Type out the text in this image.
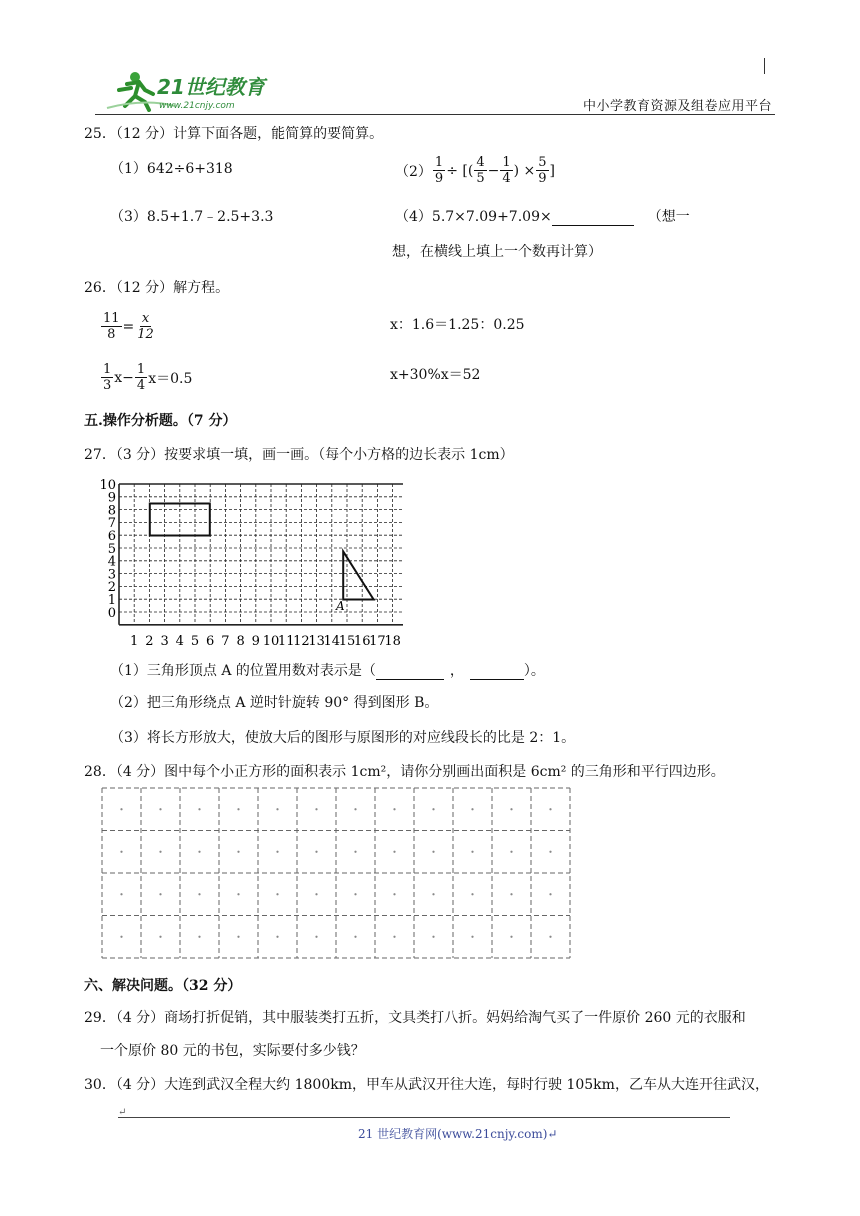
21世纪教育
www.21cnjy.com	中小学教育资源及组卷应用平台
25．（12 分）计算下面各题，能简算的要简算。
（1）642÷6+318	$(2) \frac{1}{9}$ ÷ [( $\frac{4}{5} - \frac{1}{4}$ ) × $\frac{5}{9}$ ]
（3）8.5+1.7﹣2.5+3.3	（4）5.7×7.09+7.09×	（想一
想，在横线上填上一个数再计算）
26．（12 分）解方程。
$\frac{11}{8} = \frac{x}{12}$	x：1.6＝1.25：0.25
$\frac{1}{3} x- \frac{1}{4} x=0.5$	x+30%x＝52
五.操作分析题。（7 分）
27．（3 分）按要求填一填，画一画。（每个小方格的边长表示 1cm）
A
0
1
2
3
4
5
6
7
8
9
10
1 2 3 4 5 6 7 8 9 10
11
12
13
14
15
16
17
18
（1）三角形顶点 A 的位置用数对表示是（	，	）。
（2）把三角形绕点 A 逆时针旋转 90° 得到图形 B。
（3）将长方形放大，使放大后的图形与原图形的对应线段长的比是 2：1。
28．（4 分）图中每个小正方形的面积表示 1cm²，请你分别画出面积是 6cm² 的三角形和平行四边形。
六、解决问题。（32 分）
29．（4 分）商场打折促销，其中服装类打五折，文具类打八折。妈妈给淘气买了一件原价 260 元的衣服和
一个原价 80 元的书包，实际要付多少钱？
30．（4 分）大连到武汉全程大约 1800km，甲车从武汉开往大连，每时行驶 105km，乙车从大连开往武汉，
↵
21 世纪教育网(www.21cnjy.com)↵
